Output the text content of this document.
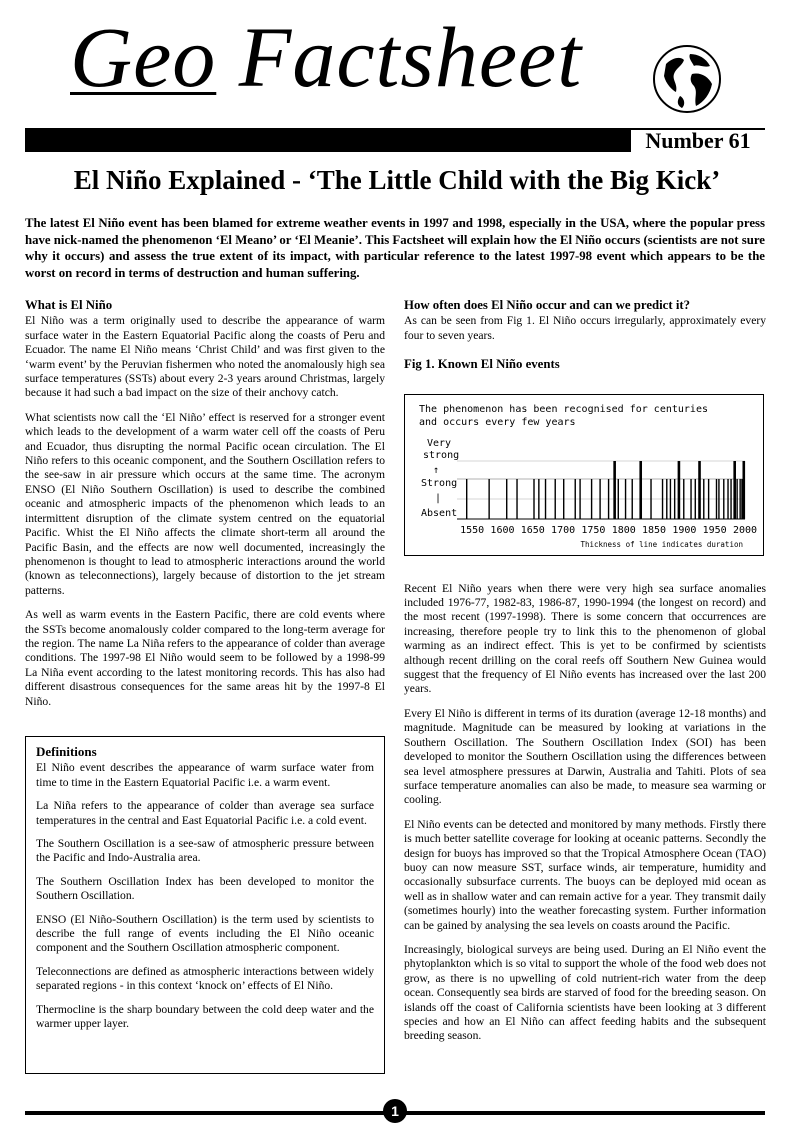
Geo Factsheet
Number 61
El Niño Explained - ‘The Little Child with the Big Kick’
The latest El Niño event has been blamed for extreme weather events in 1997 and 1998, especially in the USA, where the popular press have nick-named the phenomenon ‘El Meano’ or ‘El Meanie’. This Factsheet will explain how the El Niño occurs (scientists are not sure why it occurs) and assess the true extent of its impact, with particular reference to the latest 1997-98 event which appears to be the worst on record in terms of destruction and human suffering.
What is El Niño

El Niño was a term originally used to describe the appearance of warm surface water in the Eastern Equatorial Pacific along the coasts of Peru and Ecuador. The name El Niño means ‘Christ Child’ and was first given to the ‘warm event’ by the Peruvian fishermen who noted the anomalously high sea surface temperatures (SSTs) about every 2-3 years around Christmas, largely because it had such a bad impact on the size of their anchovy catch.

What scientists now call the ‘El Niño’ effect is reserved for a stronger event which leads to the development of a warm water cell off the coasts of Peru and Ecuador, thus disrupting the normal Pacific ocean circulation. The El Niño refers to this oceanic component, and the Southern Oscillation refers to the see-saw in air pressure which occurs at the same time. The acronym ENSO (El Niño Southern Oscillation) is used to describe the combined oceanic and atmospheric impacts of the phenomenon which leads to an intermittent disruption of the climate system centred on the equatorial Pacific. Whist the El Niño affects the climate short-term all around the Pacific Basin, and the effects are now well documented, increasingly the phenomenon is thought to lead to atmospheric interactions around the world (known as teleconnections), largely because of distortion to the jet stream patterns.

As well as warm events in the Eastern Pacific, there are cold events where the SSTs become anomalously colder compared to the long-term average for the region. The name La Niña refers to the appearance of colder than average conditions. The 1997-98 El Niño would seem to be followed by a 1998-99 La Niña event according to the latest monitoring records. This has also had different disastrous consequences for the same areas hit by the 1997-8 El Niño.

Definitions

El Niño event describes the appearance of warm surface water from time to time in the Eastern Equatorial Pacific i.e. a warm event.

La Niña refers to the appearance of colder than average sea surface temperatures in the central and East Equatorial Pacific i.e. a cold event.

The Southern Oscillation is a see-saw of atmospheric pressure between the Pacific and Indo-Australia area.

The Southern Oscillation Index has been developed to monitor the Southern Oscillation.

ENSO (El Niño-Southern Oscillation) is the term used by scientists to describe the full range of events including the El Niño oceanic component and the Southern Oscillation atmospheric component.

Teleconnections are defined as atmospheric interactions between widely separated regions - in this context ‘knock on’ effects of El Niño.

Thermocline is the sharp boundary between the cold deep water and the warmer upper layer.

How often does El Niño occur and can we predict it?

As can be seen from Fig 1. El Niño occurs irregularly, approximately every four to seven years.

Fig 1. Known El Niño events

Recent El Niño years when there were very high sea surface anomalies included 1976-77, 1982-83, 1986-87, 1990-1994 (the longest on record) and the most recent (1997-1998). There is some concern that occurrences are increasing, therefore people try to link this to the phenomenon of global warming as an indirect effect. This is yet to be confirmed by scientists although recent drilling on the coral reefs off Southern New Guinea would suggest that the frequency of El Niño events has increased over the last 200 years.

Every El Niño is different in terms of its duration (average 12-18 months) and magnitude. Magnitude can be measured by looking at variations in the Southern Oscillation. The Southern Oscillation Index (SOI) has been developed to monitor the Southern Oscillation using the differences between sea level atmosphere pressures at Darwin, Australia and Tahiti. Plots of sea surface temperature anomalies can also be made, to measure sea warming or cooling.

El Niño events can be detected and monitored by many methods. Firstly there is much better satellite coverage for looking at oceanic patterns. Secondly the design for buoys has improved so that the Tropical Atmosphere Ocean (TAO) buoy can now measure SST, surface winds, air temperature, humidity and occasionally subsurface currents. The buoys can be deployed mid ocean as well as in shallow water and can remain active for a year. They transmit daily (sometimes hourly) into the weather forecasting system. Further information can be gained by analysing the sea levels on coasts around the Pacific.

Increasingly, biological surveys are being used. During an El Niño event the phytoplankton which is so vital to support the whole of the food web does not grow, as there is no upwelling of cold nutrient-rich water from the deep ocean. Consequently sea birds are starved of food for the breeding season. On islands off the coast of California scientists have been looking at 3 different species and how an El Niño can affect feeding habits and the subsequent breeding season.

The phenomenon has been recognised for centuries
and occurs every few years
Very
strong
↑
Strong
|
Absent
1550 1600 1650 1700 1750 1800 1850 1900 1950 2000
Thickness of line indicates duration
1
